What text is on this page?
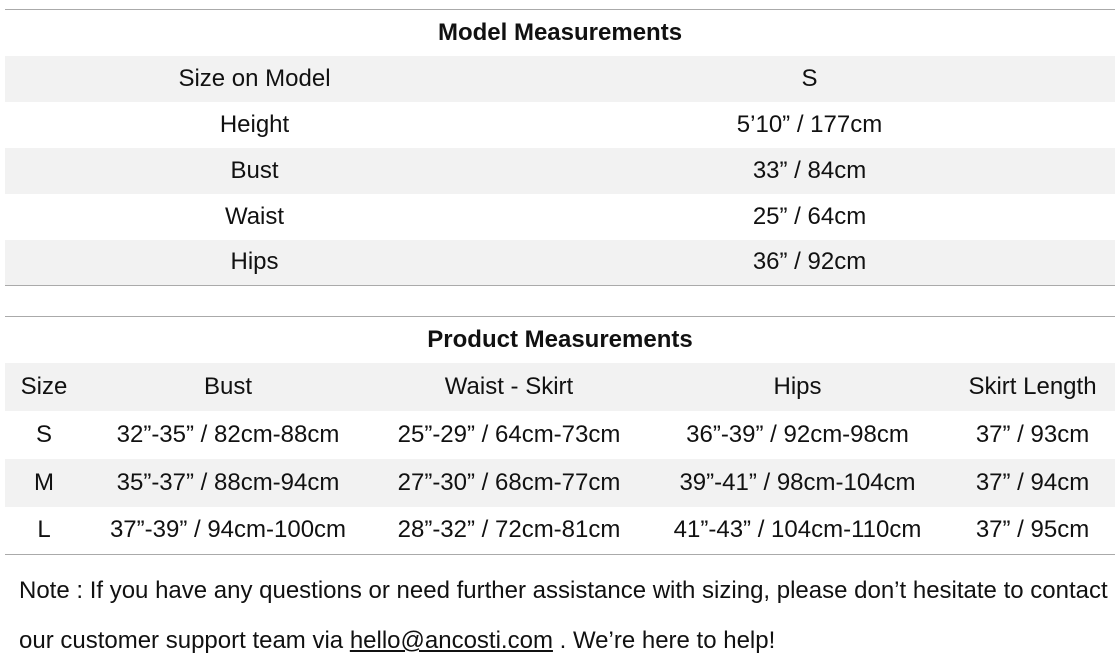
Model Measurements	
Size on Model	S
Height	5’10” / 177cm
Bust	33” / 84cm
Waist	25” / 64cm
Hips	36” / 92cm
Product Measurements				
Size	Bust	Waist - Skirt	Hips	Skirt Length
S	32”-35” / 82cm-88cm	25”-29” / 64cm-73cm	36”-39” / 92cm-98cm	37” / 93cm
M	35”-37” / 88cm-94cm	27”-30” / 68cm-77cm	39”-41” / 98cm-104cm	37” / 94cm
L	37”-39” / 94cm-100cm	28”-32” / 72cm-81cm	41”-43” / 104cm-110cm	37” / 95cm
Note : If you have any questions or need further assistance with sizing, please don’t hesitate to contact our customer support team via hello@ancosti.com . We’re here to help!
